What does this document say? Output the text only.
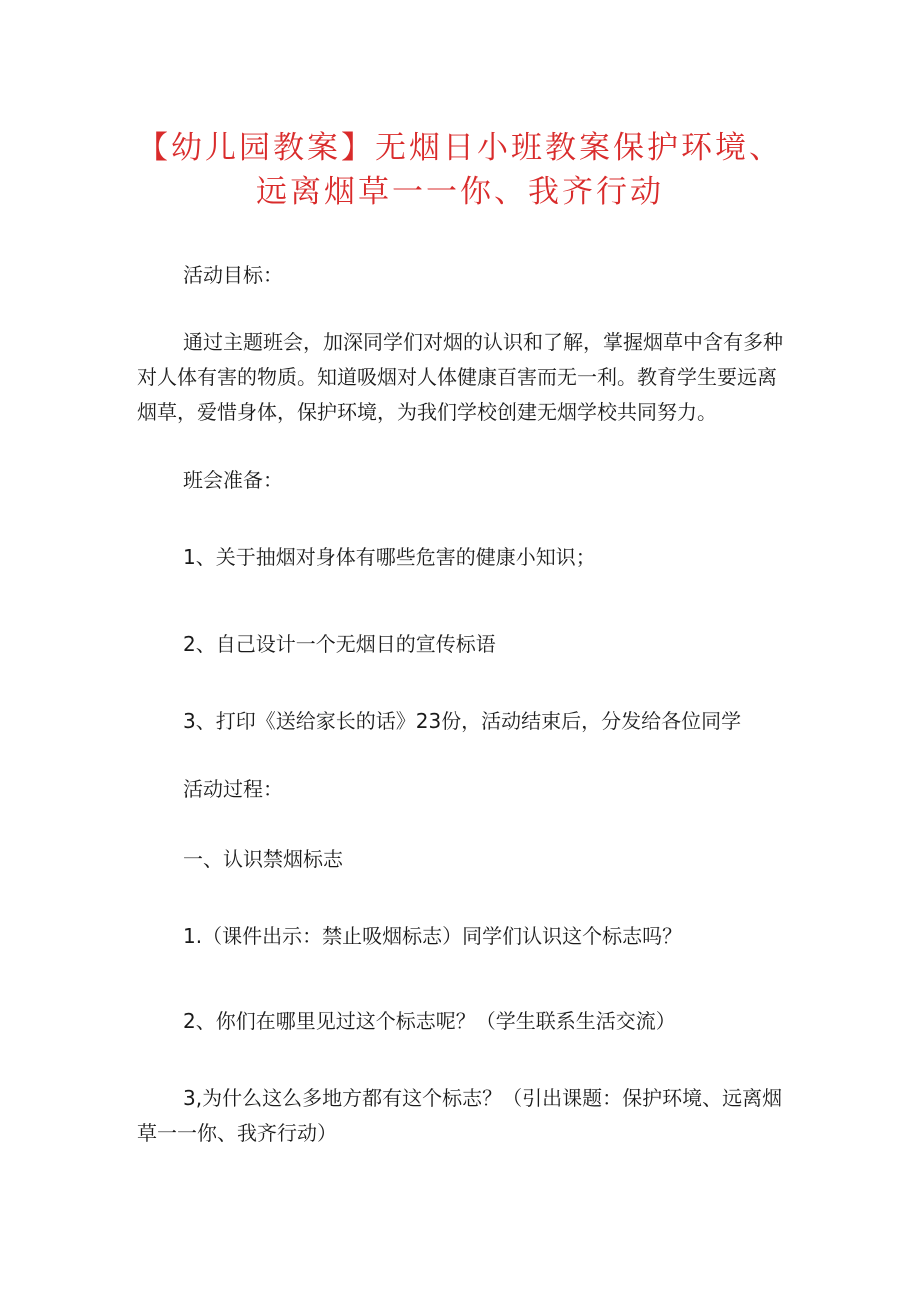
【幼儿园教案】无烟日小班教案保护环境、
远离烟草一一你、我齐行动

活动目标：

通过主题班会，加深同学们对烟的认识和了解，掌握烟草中含有多种对人体有害的物质。知道吸烟对人体健康百害而无一利。教育学生要远离烟草，爱惜身体，保护环境，为我们学校创建无烟学校共同努力。

班会准备：

1、关于抽烟对身体有哪些危害的健康小知识；

2、自己设计一个无烟日的宣传标语

3、打印《送给家长的话》23份，活动结束后，分发给各位同学

活动过程：

一、认识禁烟标志

1.（课件出示：禁止吸烟标志）同学们认识这个标志吗？

2、你们在哪里见过这个标志呢？（学生联系生活交流）

3,为什么这么多地方都有这个标志？（引出课题：保护环境、远离烟草一一你、我齐行动）
